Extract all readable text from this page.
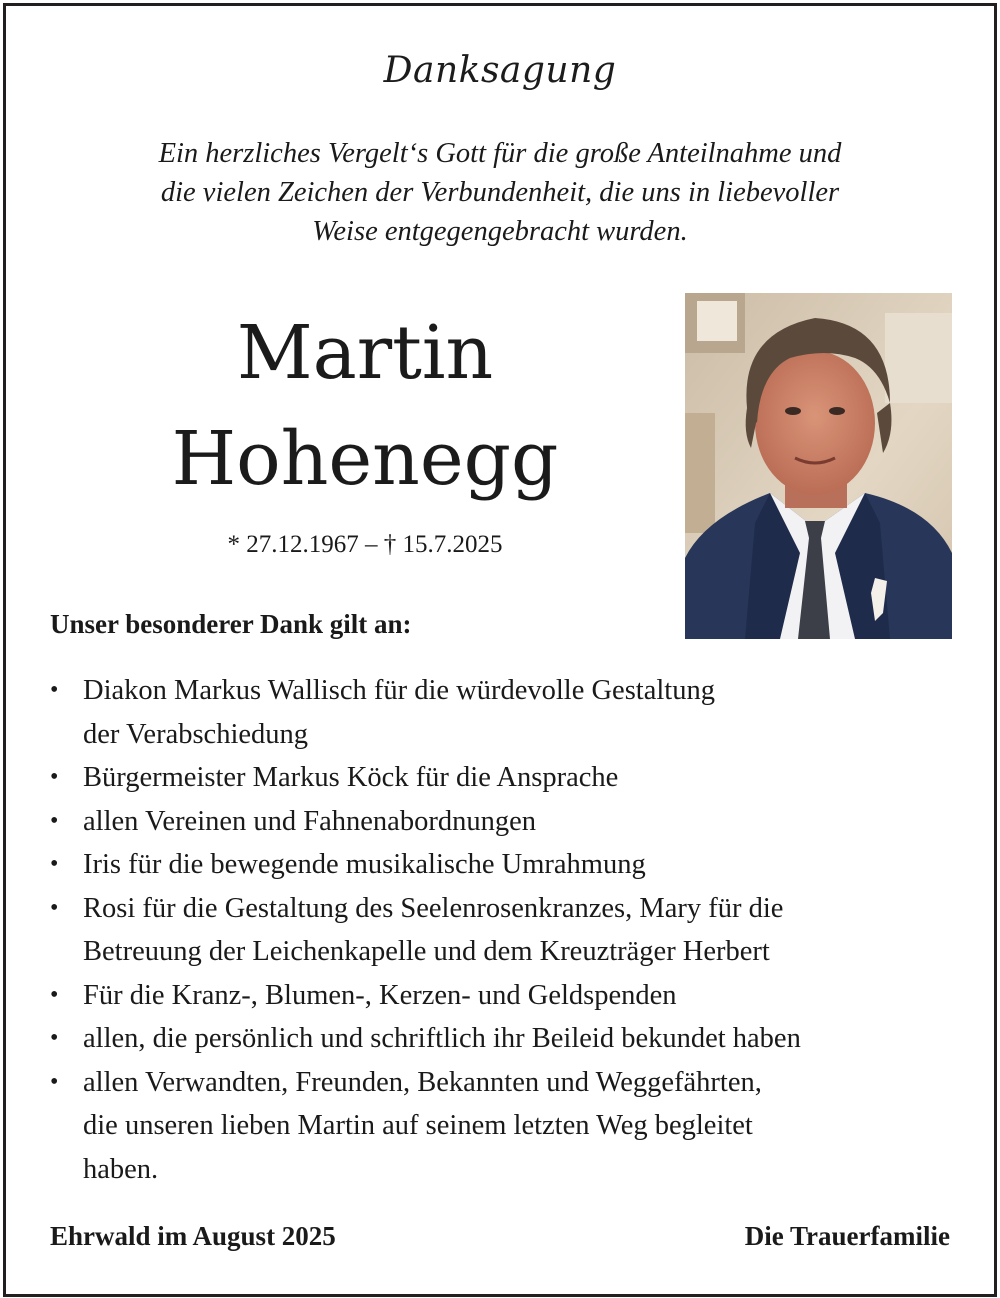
Danksagung
Ein herzliches Vergelt‘s Gott für die große Anteilnahme und
die vielen Zeichen der Verbundenheit, die uns in liebevoller
Weise entgegengebracht wurden.
Martin
Hohenegg
* 27.12.1967 – † 15.7.2025
Unser besonderer Dank gilt an:
• Diakon Markus Wallisch für die würdevolle Gestaltung
der Verabschiedung
• Bürgermeister Markus Köck für die Ansprache
• allen Vereinen und Fahnenabordnungen
• Iris für die bewegende musikalische Umrahmung
• Rosi für die Gestaltung des Seelenrosenkranzes, Mary für die
Betreuung der Leichenkapelle und dem Kreuzträger Herbert
• Für die Kranz-, Blumen-, Kerzen- und Geldspenden
• allen, die persönlich und schriftlich ihr Beileid bekundet haben
• allen Verwandten, Freunden, Bekannten und Weggefährten,
die unseren lieben Martin auf seinem letzten Weg begleitet
haben.
Ehrwald im August 2025	Die Trauerfamilie
